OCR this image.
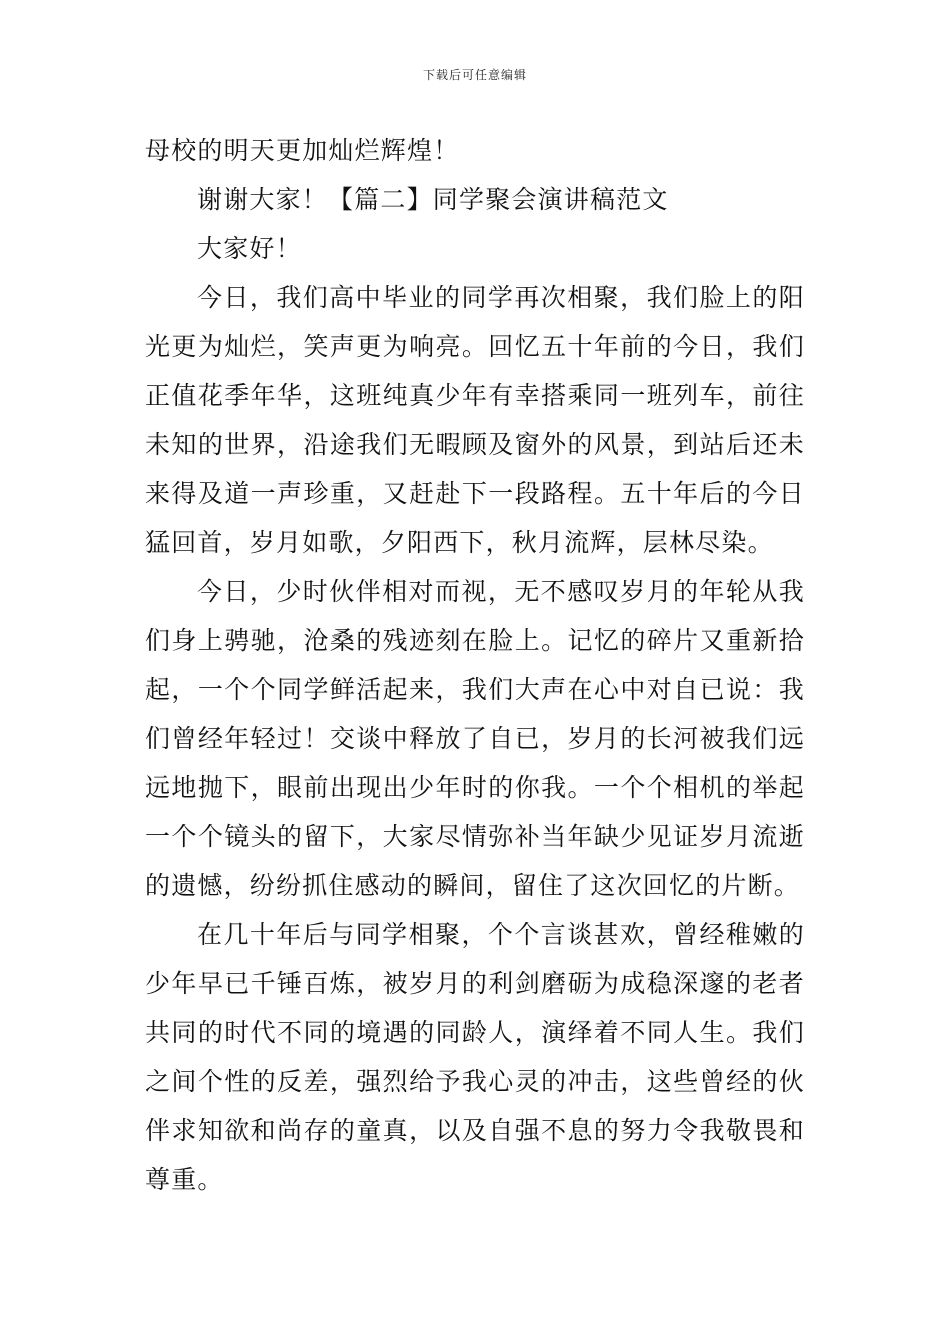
下载后可任意编辑

母校的明天更加灿烂辉煌！

谢谢大家！【篇二】同学聚会演讲稿范文

大家好！

今日，我们高中毕业的同学再次相聚，我们脸上的阳光更为灿烂，笑声更为响亮。回忆五十年前的今日，我们正值花季年华，这班纯真少年有幸搭乘同一班列车，前往未知的世界，沿途我们无暇顾及窗外的风景，到站后还未来得及道一声珍重，又赶赴下一段路程。五十年后的今日猛回首，岁月如歌，夕阳西下，秋月流辉，层林尽染。

今日，少时伙伴相对而视，无不感叹岁月的年轮从我们身上骋驰，沧桑的残迹刻在脸上。记忆的碎片又重新拾起，一个个同学鲜活起来，我们大声在心中对自已说：我们曾经年轻过！交谈中释放了自已，岁月的长河被我们远远地抛下，眼前出现出少年时的你我。一个个相机的举起一个个镜头的留下，大家尽情弥补当年缺少见证岁月流逝的遗憾，纷纷抓住感动的瞬间，留住了这次回忆的片断。

在几十年后与同学相聚，个个言谈甚欢，曾经稚嫩的少年早已千锤百炼，被岁月的利剑磨砺为成稳深邃的老者共同的时代不同的境遇的同龄人，演绎着不同人生。我们之间个性的反差，强烈给予我心灵的冲击，这些曾经的伙伴求知欲和尚存的童真，以及自强不息的努力令我敬畏和尊重。
